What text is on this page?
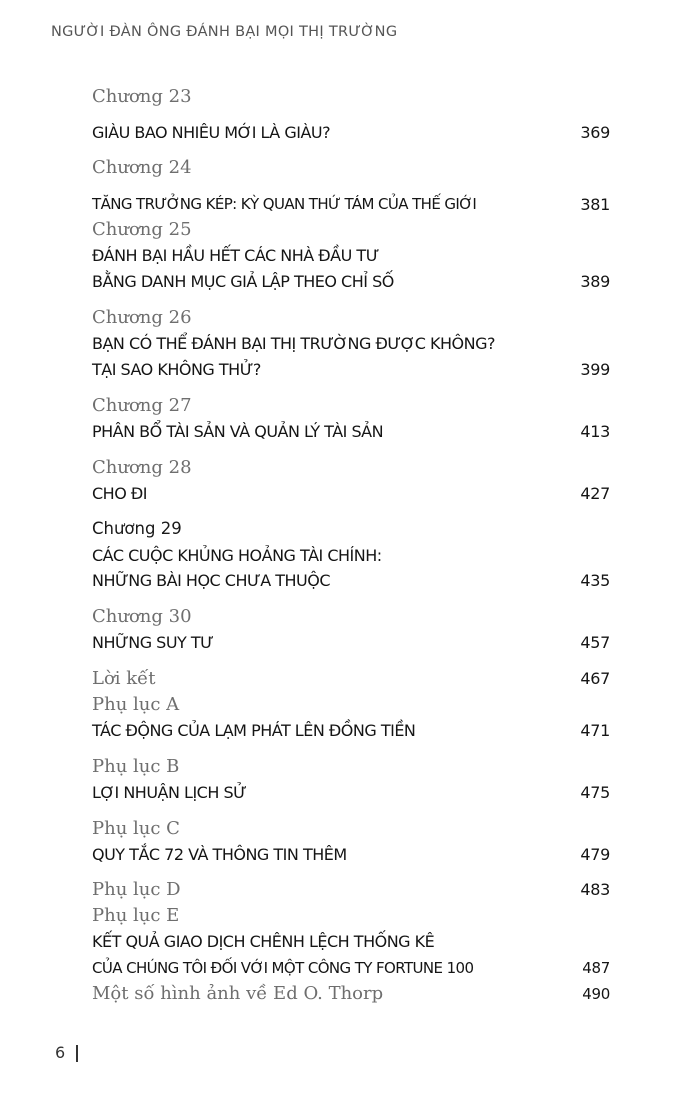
NGƯỜI ĐÀN ÔNG ĐÁNH BẠI MỌI THỊ TRƯỜNG
Chương 23
GIÀU BAO NHIÊU MỚI LÀ GIÀU?	369
Chương 24
TĂNG TRƯỞNG KÉP: KỲ QUAN THỨ TÁM CỦA THẾ GIỚI	381
Chương 25
ĐÁNH BẠI HẦU HẾT CÁC NHÀ ĐẦU TƯ
BẰNG DANH MỤC GIẢ LẬP THEO CHỈ SỐ	389
Chương 26
BẠN CÓ THỂ ĐÁNH BẠI THỊ TRƯỜNG ĐƯỢC KHÔNG?
TẠI SAO KHÔNG THỬ?	399
Chương 27
PHÂN BỔ TÀI SẢN VÀ QUẢN LÝ TÀI SẢN	413
Chương 28
CHO ĐI	427
Chương 29
CÁC CUỘC KHỦNG HOẢNG TÀI CHÍNH:
NHỮNG BÀI HỌC CHƯA THUỘC	435
Chương 30
NHỮNG SUY TƯ	457
Lời kết	467
Phụ lục A
TÁC ĐỘNG CỦA LẠM PHÁT LÊN ĐỒNG TIỀN	471
Phụ lục B
LỢI NHUẬN LỊCH SỬ	475
Phụ lục C
QUY TẮC 72 VÀ THÔNG TIN THÊM	479
Phụ lục D	483
Phụ lục E
KẾT QUẢ GIAO DỊCH CHÊNH LỆCH THỐNG KÊ
CỦA CHÚNG TÔI ĐỐI VỚI MỘT CÔNG TY FORTUNE 100	487
Một số hình ảnh về Ed O. Thorp	490
6
